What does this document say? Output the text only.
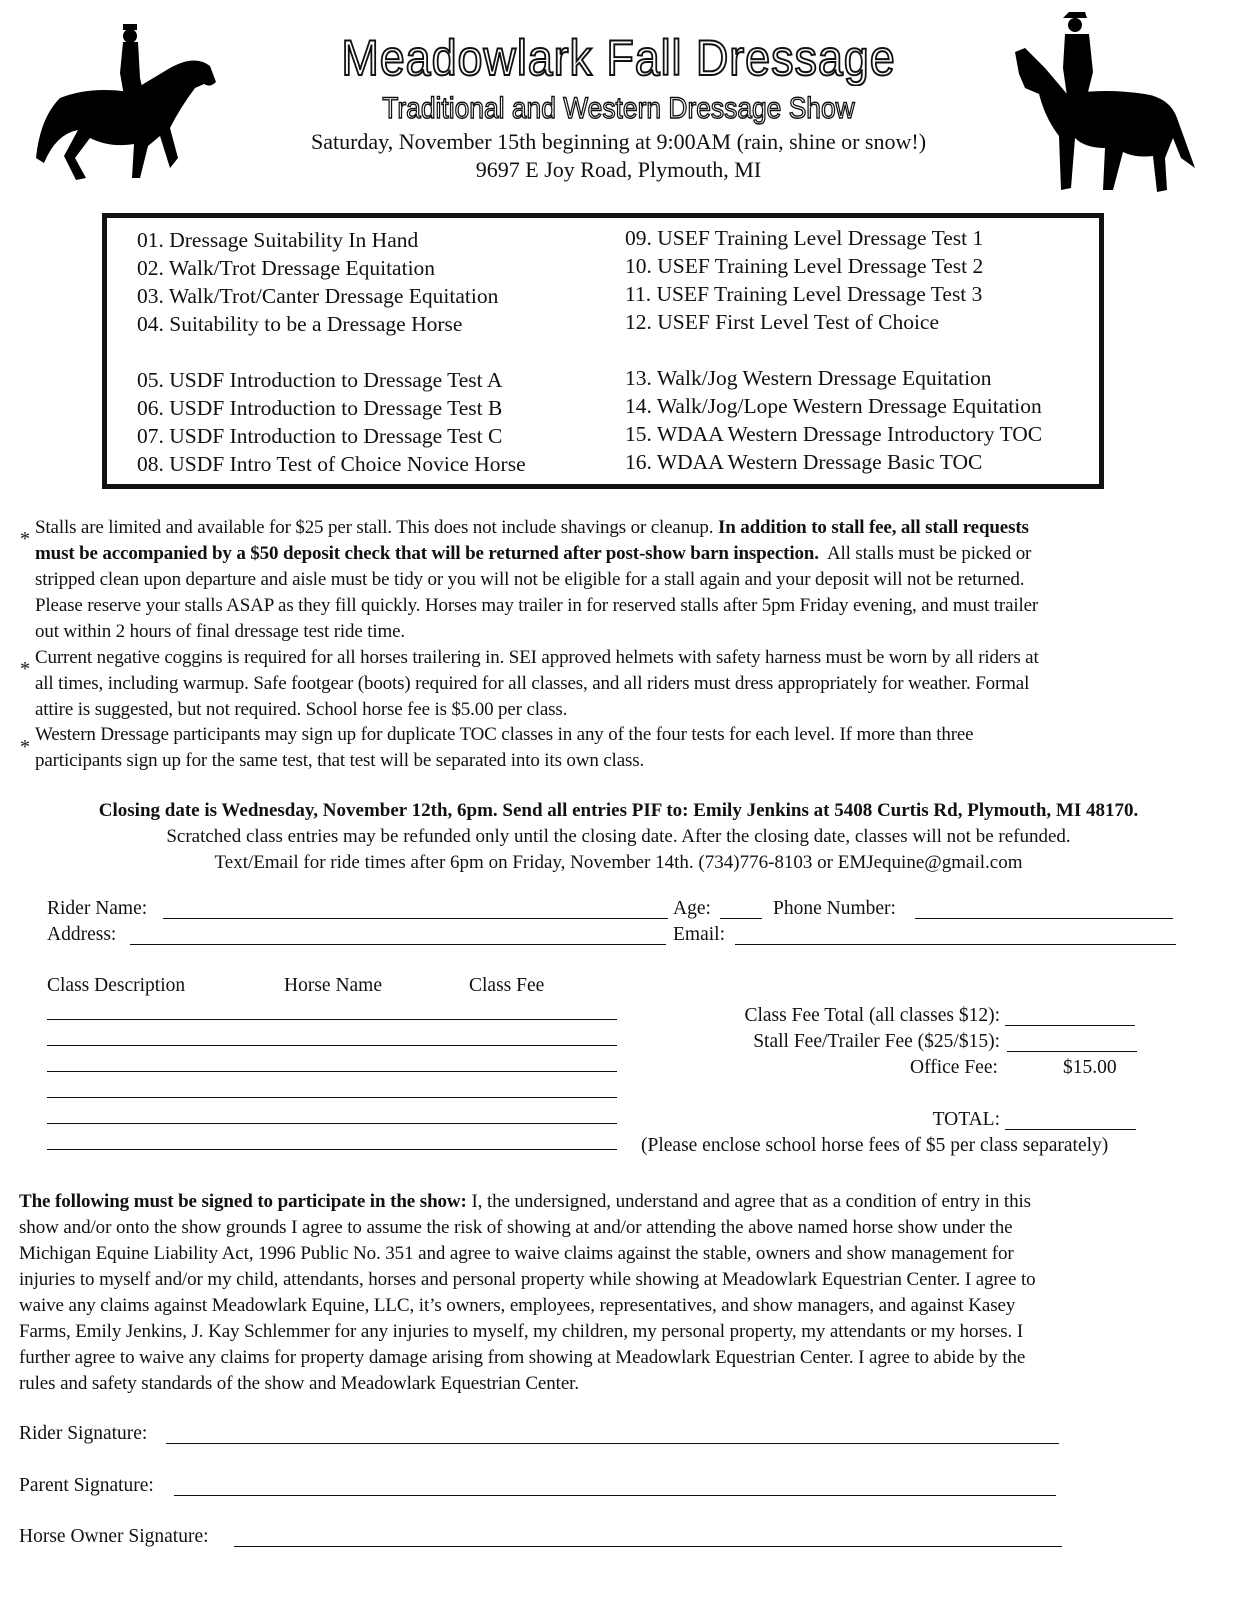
Meadowlark Fall Dressage
Traditional and Western Dressage Show
Saturday, November 15th beginning at 9:00AM (rain, shine or snow!)
9697 E Joy Road, Plymouth, MI
01. Dressage Suitability In Hand
02. Walk/Trot Dressage Equitation
03. Walk/Trot/Canter Dressage Equitation
04. Suitability to be a Dressage Horse
05. USDF Introduction to Dressage Test A
06. USDF Introduction to Dressage Test B
07. USDF Introduction to Dressage Test C
08. USDF Intro Test of Choice Novice Horse
09. USEF Training Level Dressage Test 1
10. USEF Training Level Dressage Test 2
11. USEF Training Level Dressage Test 3
12. USEF First Level Test of Choice
13. Walk/Jog Western Dressage Equitation
14. Walk/Jog/Lope Western Dressage Equitation
15. WDAA Western Dressage Introductory TOC
16. WDAA Western Dressage Basic TOC
*
*
*
Stalls are limited and available for $25 per stall. This does not include shavings or cleanup. In addition to stall fee, all stall requests
must be accompanied by a $50 deposit check that will be returned after post-show barn inspection.  All stalls must be picked or
stripped clean upon departure and aisle must be tidy or you will not be eligible for a stall again and your deposit will not be returned.
Please reserve your stalls ASAP as they fill quickly. Horses may trailer in for reserved stalls after 5pm Friday evening, and must trailer
out within 2 hours of final dressage test ride time.
Current negative coggins is required for all horses trailering in. SEI approved helmets with safety harness must be worn by all riders at
all times, including warmup. Safe footgear (boots) required for all classes, and all riders must dress appropriately for weather. Formal
attire is suggested, but not required. School horse fee is $5.00 per class.
Western Dressage participants may sign up for duplicate TOC classes in any of the four tests for each level. If more than three
participants sign up for the same test, that test will be separated into its own class.
Closing date is Wednesday, November 12th, 6pm. Send all entries PIF to: Emily Jenkins at 5408 Curtis Rd, Plymouth, MI 48170.
Scratched class entries may be refunded only until the closing date. After the closing date, classes will not be refunded.
Text/Email for ride times after 6pm on Friday, November 14th. (734)776-8103 or EMJequine@gmail.com
Rider Name:	Age:	Phone Number:
Address:	Email:
Class Description	Horse Name	Class Fee
Class Fee Total (all classes $12):
Stall Fee/Trailer Fee ($25/$15):
Office Fee:	$15.00
TOTAL:
(Please enclose school horse fees of $5 per class separately)
The following must be signed to participate in the show: I, the undersigned, understand and agree that as a condition of entry in this
show and/or onto the show grounds I agree to assume the risk of showing at and/or attending the above named horse show under the
Michigan Equine Liability Act, 1996 Public No. 351 and agree to waive claims against the stable, owners and show management for
injuries to myself and/or my child, attendants, horses and personal property while showing at Meadowlark Equestrian Center. I agree to
waive any claims against Meadowlark Equine, LLC, it’s owners, employees, representatives, and show managers, and against Kasey
Farms, Emily Jenkins, J. Kay Schlemmer for any injuries to myself, my children, my personal property, my attendants or my horses. I
further agree to waive any claims for property damage arising from showing at Meadowlark Equestrian Center. I agree to abide by the
rules and safety standards of the show and Meadowlark Equestrian Center.
Rider Signature:
Parent Signature:
Horse Owner Signature:
